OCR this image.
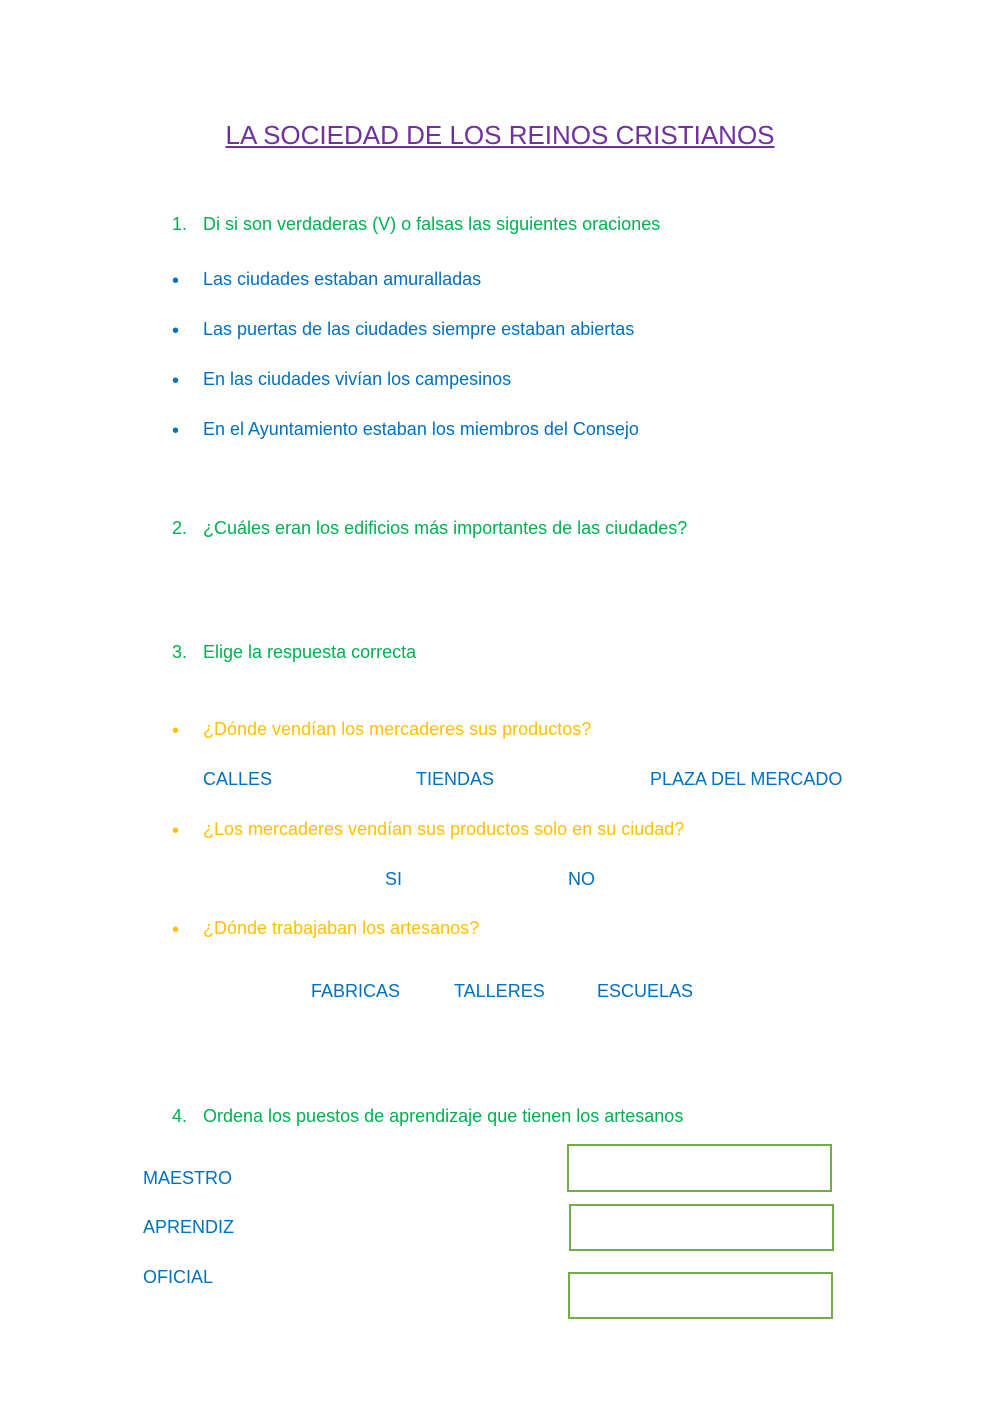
LA SOCIEDAD DE LOS REINOS CRISTIANOS
1. Di si son verdaderas (V) o falsas las siguientes oraciones
• Las ciudades estaban amuralladas
• Las puertas de las ciudades siempre estaban abiertas
• En las ciudades vivían los campesinos
• En el Ayuntamiento estaban los miembros del Consejo
2. ¿Cuáles eran los edificios más importantes de las ciudades?
3. Elige la respuesta correcta
• ¿Dónde vendían los mercaderes sus productos?
CALLES	TIENDAS	PLAZA DEL MERCADO
• ¿Los mercaderes vendían sus productos solo en su ciudad?
SI	NO
• ¿Dónde trabajaban los artesanos?
FABRICAS	TALLERES	ESCUELAS
4. Ordena los puestos de aprendizaje que tienen los artesanos
MAESTRO
APRENDIZ
OFICIAL
